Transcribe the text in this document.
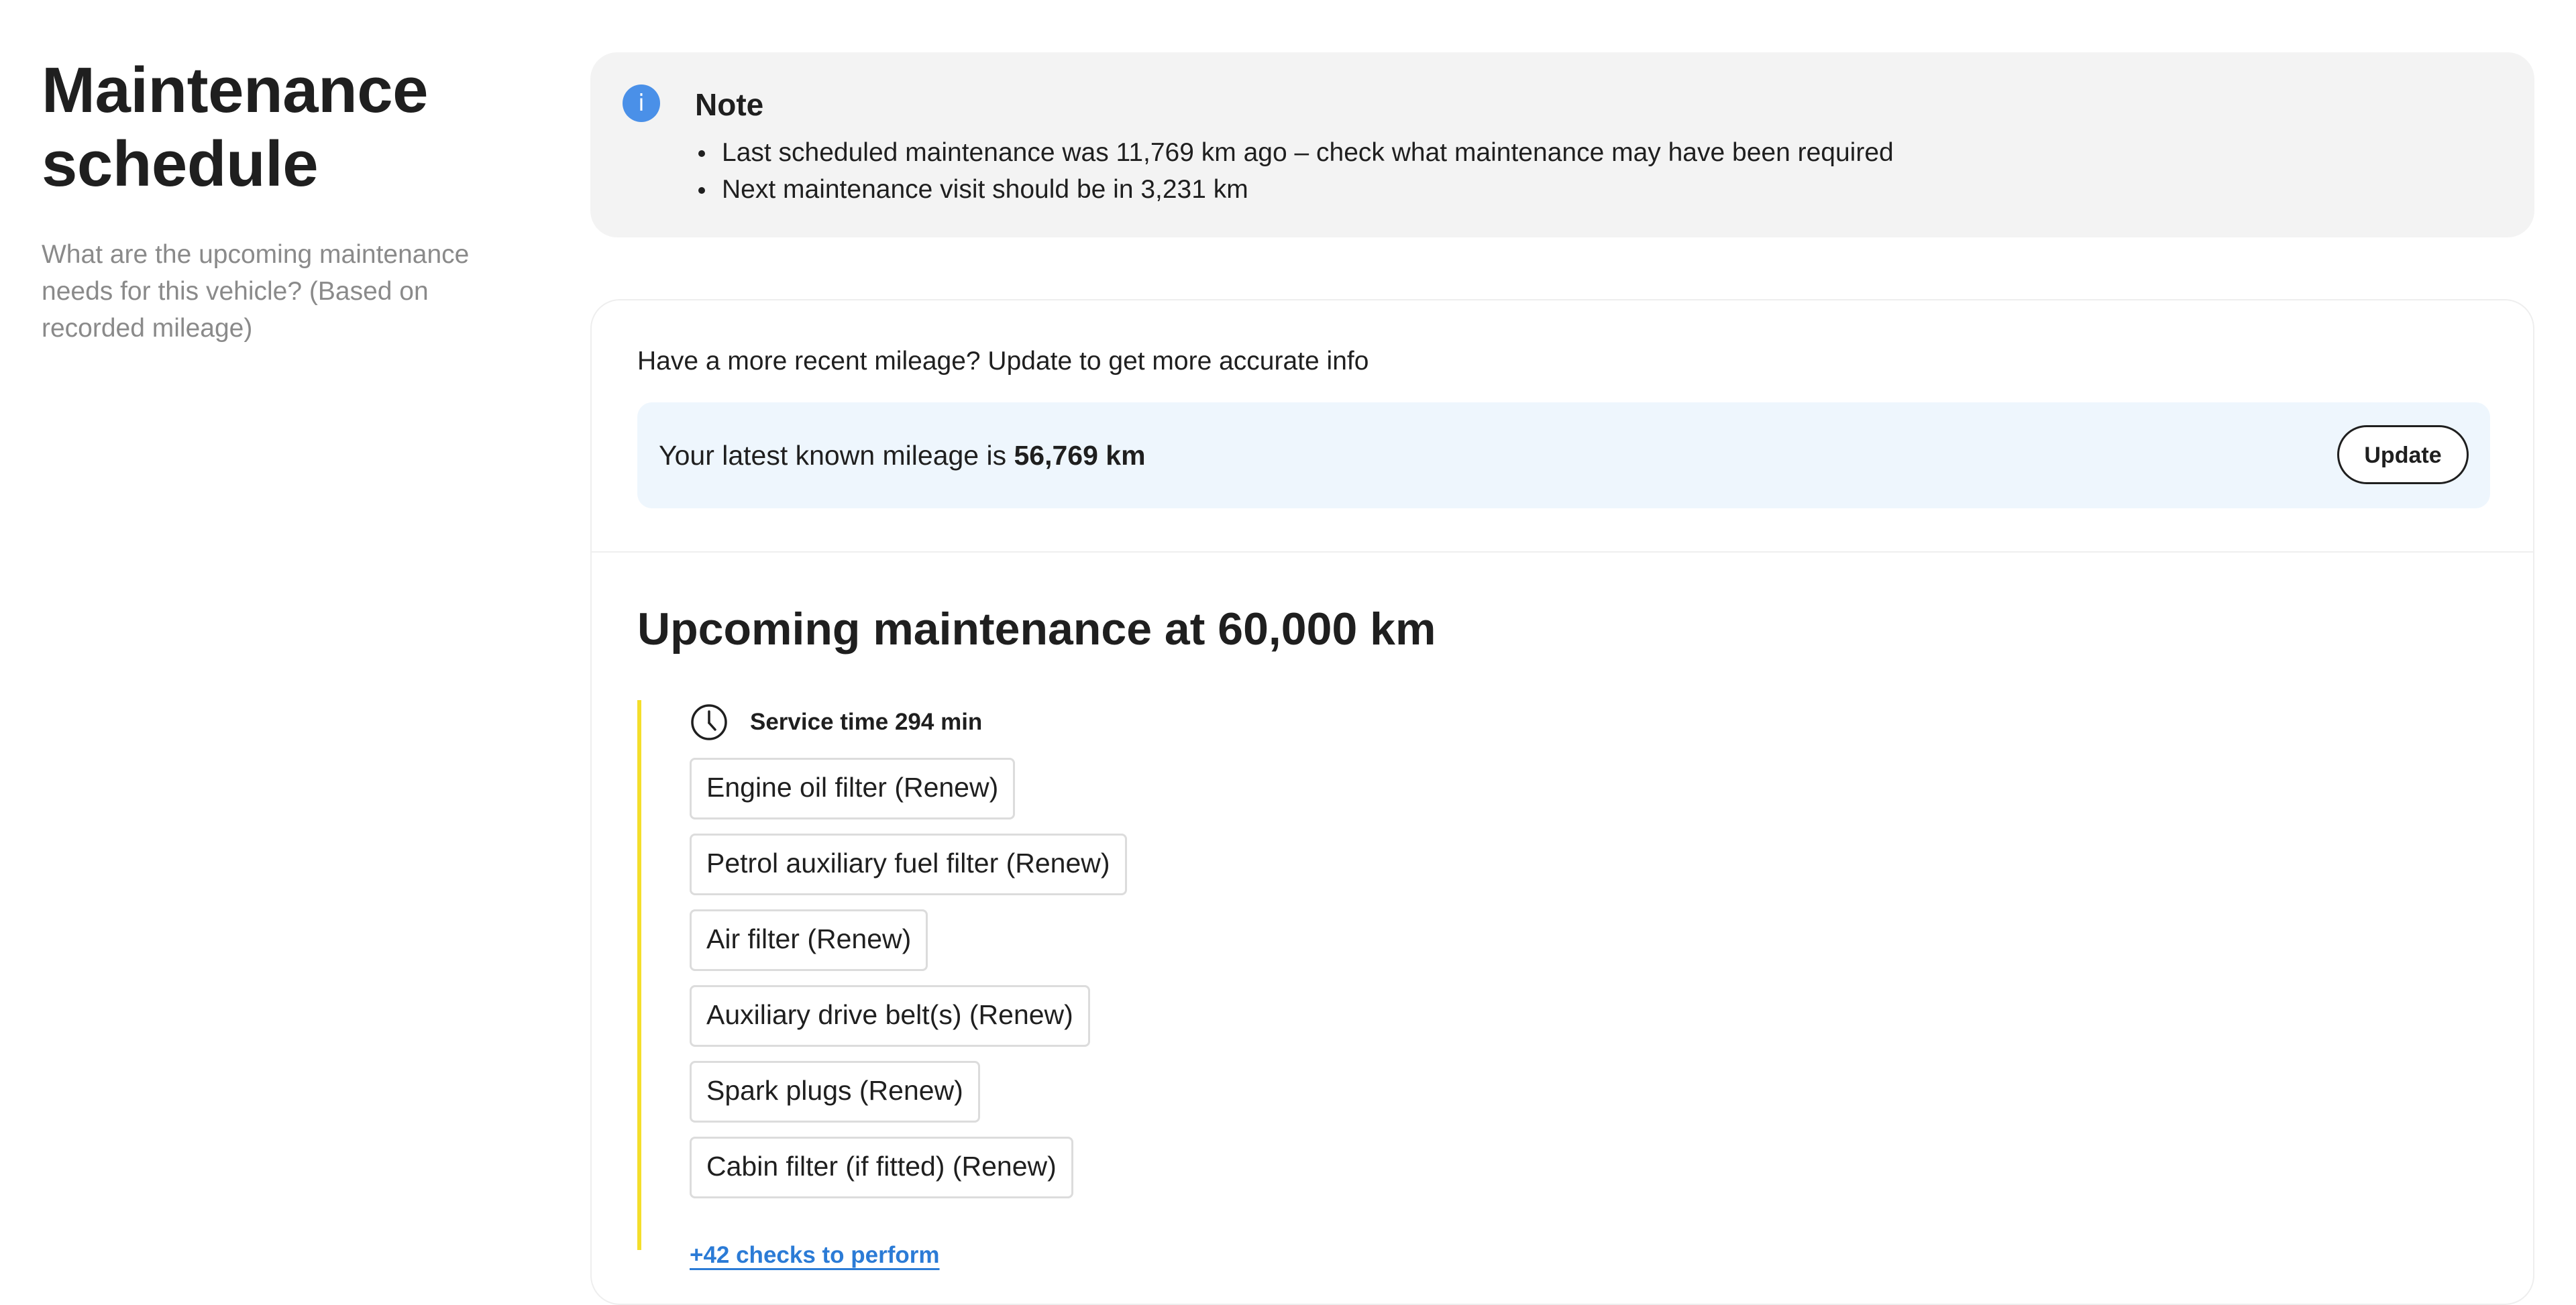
Maintenance schedule
What are the upcoming maintenance needs for this vehicle? (Based on recorded mileage)
i	Note
Last scheduled maintenance was 11,769 km ago – check what maintenance may have been required
Next maintenance visit should be in 3,231 km
Have a more recent mileage? Update to get more accurate info
Your latest known mileage is 56,769 km	Update
Upcoming maintenance at 60,000 km
Service time 294 min
Engine oil filter (Renew)
Petrol auxiliary fuel filter (Renew)
Air filter (Renew)
Auxiliary drive belt(s) (Renew)
Spark plugs (Renew)
Cabin filter (if fitted) (Renew)
+42 checks to perform
